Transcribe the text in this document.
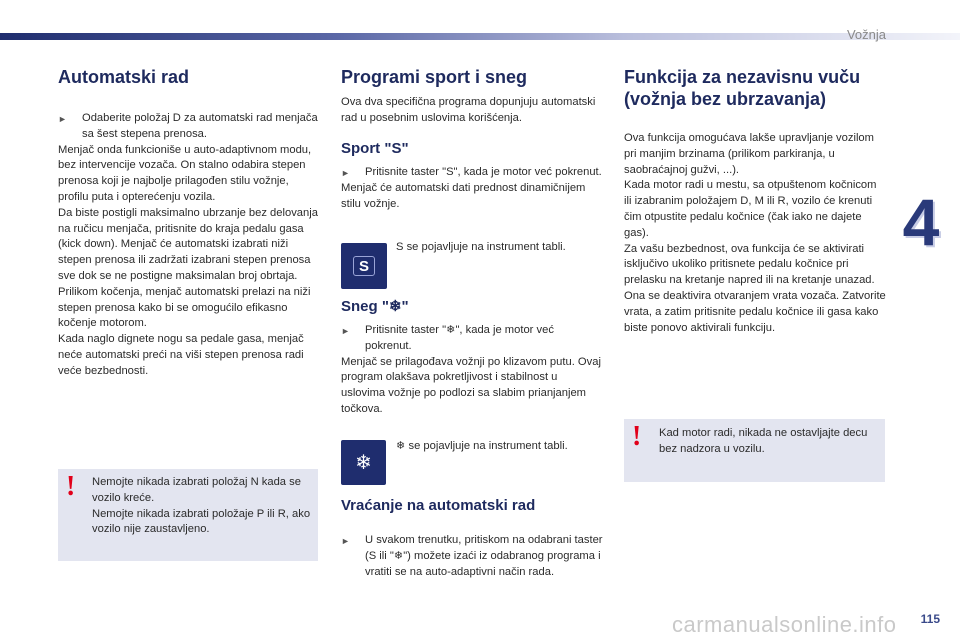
Vožnja
4
Automatski rad
►	Odaberite položaj D za automatski rad menjača sa šest stepena prenosa.

Menjač onda funkcioniše u auto-adaptivnom modu, bez intervencije vozača. On stalno odabira stepen prenosa koji je najbolje prilagođen stilu vožnje, profilu puta i opterećenju vozila.

Da biste postigli maksimalno ubrzanje bez delovanja na ručicu menjača, pritisnite do kraja pedalu gasa (kick down). Menjač će automatski izabrati niži stepen prenosa ili zadržati izabrani stepen prenosa sve dok se ne postigne maksimalan broj obrtaja.

Prilikom kočenja, menjač automatski prelazi na niži stepen prenosa kako bi se omogućilo efikasno kočenje motorom.

Kada naglo dignete nogu sa pedale gasa, menjač neće automatski preći na viši stepen prenosa radi veće bezbednosti.

! Nemojte nikada izabrati položaj N kada se vozilo kreće.
Nemojte nikada izabrati položaje P ili R, ako vozilo nije zaustavljeno.
Programi sport i sneg

Ova dva specifična programa dopunjuju automatski rad u posebnim uslovima korišćenja.

Sport "S"
►	Pritisnite taster "S", kada je motor već pokrenut.

Menjač će automatski dati prednost dinamičnijem stilu vožnje.

S

S se pojavljuje na instrument tabli.

Sneg "❄"
►	Pritisnite taster "❄", kada je motor već pokrenut.

Menjač se prilagođava vožnji po klizavom putu. Ovaj program olakšava pokretljivost i stabilnost u uslovima vožnje po podlozi sa slabim prianjanjem točkova.

❄

❄ se pojavljuje na instrument tabli.

Vraćanje na automatski rad
►	U svakom trenutku, pritiskom na odabrani taster (S ili "❄") možete izaći iz odabranog programa i vratiti se na auto-adaptivni način rada.
Funkcija za nezavisnu vuču
(vožnja bez ubrzavanja)

Ova funkcija omogućava lakše upravljanje vozilom pri manjim brzinama (prilikom parkiranja, u saobraćajnoj gužvi, ...).

Kada motor radi u mestu, sa otpuštenom kočnicom ili izabranim položajem D, M ili R, vozilo će krenuti čim otpustite pedalu kočnice (čak iako ne dajete gas).

Za vašu bezbednost, ova funkcija će se aktivirati isključivo ukoliko pritisnete pedalu kočnice pri prelasku na kretanje napred ili na kretanje unazad.

Ona se deaktivira otvaranjem vrata vozača. Zatvorite vrata, a zatim pritisnite pedalu kočnice ili gasa kako biste ponovo aktivirali funkciju.

! Kad motor radi, nikada ne ostavljajte decu bez nadzora u vozilu.
carmanualsonline.info 115
